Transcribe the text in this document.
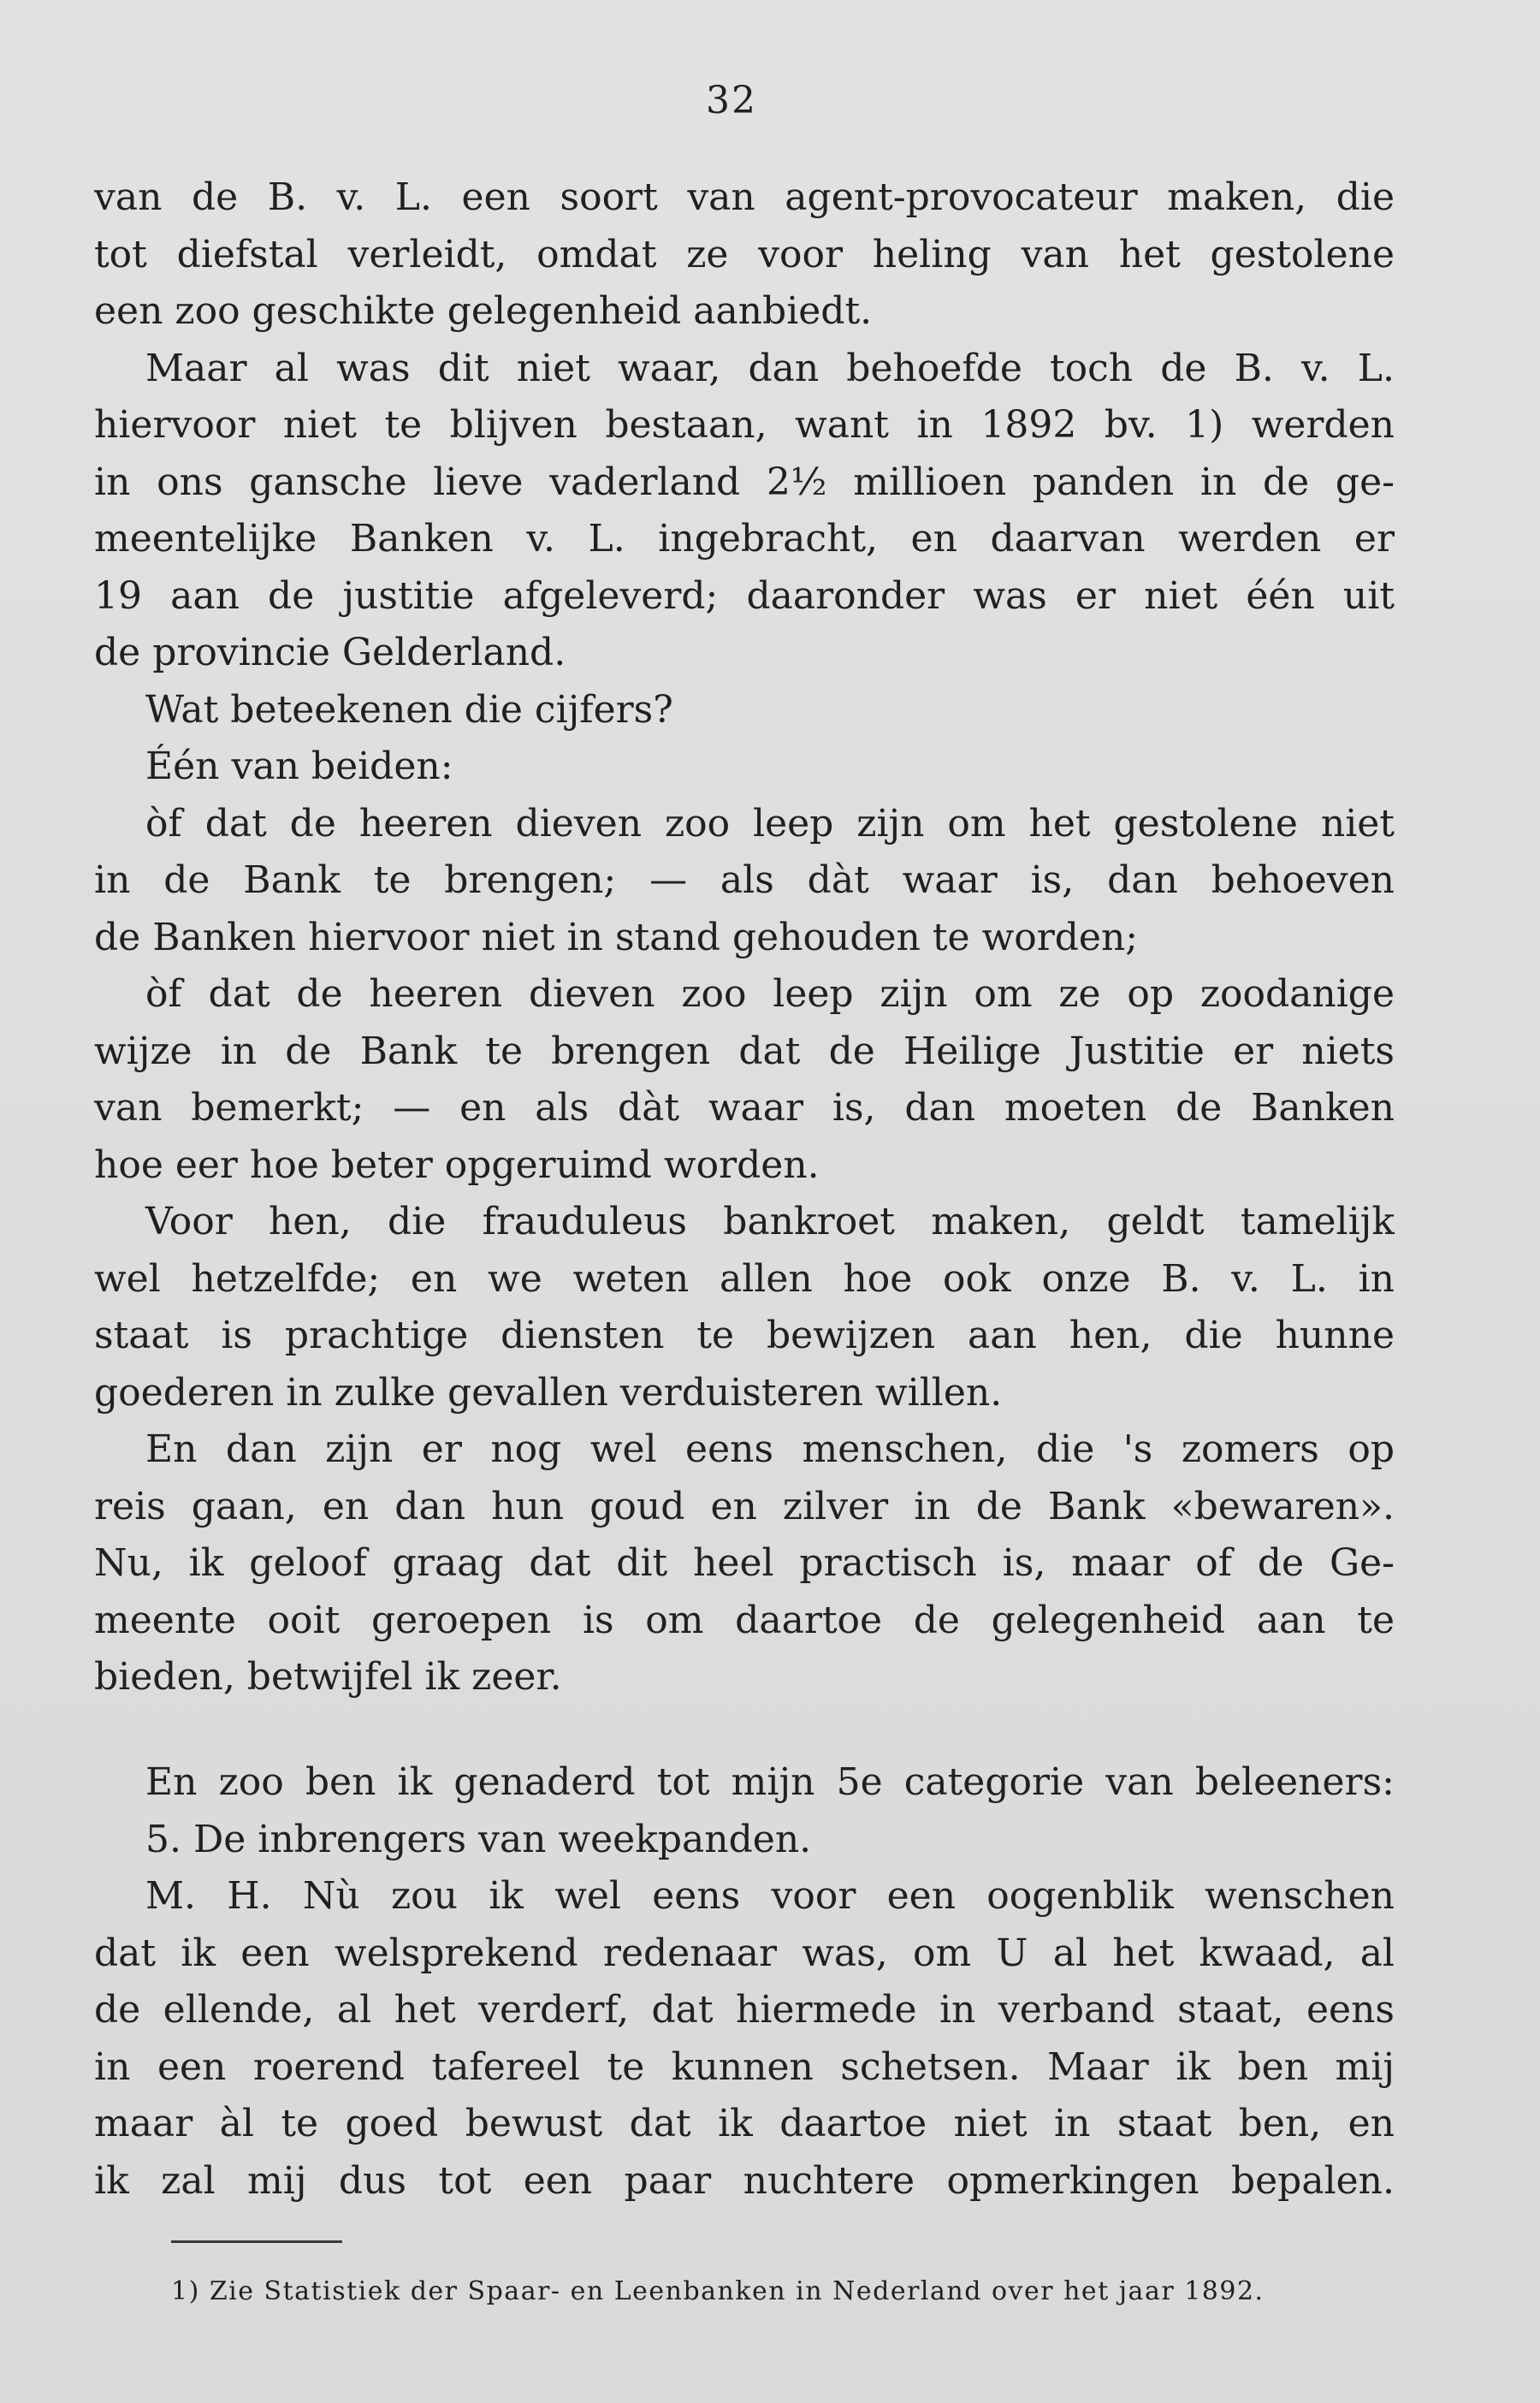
32
van de B. v. L. een soort van agent-provocateur maken, die
tot diefstal verleidt, omdat ze voor heling van het gestolene
een zoo geschikte gelegenheid aanbiedt.
Maar al was dit niet waar, dan behoefde toch de B. v. L.
hiervoor niet te blijven bestaan, want in 1892 bv. 1) werden
in ons gansche lieve vaderland 2½ millioen panden in de ge-
meentelijke Banken v. L. ingebracht, en daarvan werden er
19 aan de justitie afgeleverd; daaronder was er niet één uit
de provincie Gelderland.
Wat beteekenen die cijfers?
Één van beiden:
òf dat de heeren dieven zoo leep zijn om het gestolene niet
in de Bank te brengen; — als dàt waar is, dan behoeven
de Banken hiervoor niet in stand gehouden te worden;
òf dat de heeren dieven zoo leep zijn om ze op zoodanige
wijze in de Bank te brengen dat de Heilige Justitie er niets
van bemerkt; — en als dàt waar is, dan moeten de Banken
hoe eer hoe beter opgeruimd worden.
Voor hen, die frauduleus bankroet maken, geldt tamelijk
wel hetzelfde; en we weten allen hoe ook onze B. v. L. in
staat is prachtige diensten te bewijzen aan hen, die hunne
goederen in zulke gevallen verduisteren willen.
En dan zijn er nog wel eens menschen, die 's zomers op
reis gaan, en dan hun goud en zilver in de Bank «bewaren».
Nu, ik geloof graag dat dit heel practisch is, maar of de Ge-
meente ooit geroepen is om daartoe de gelegenheid aan te
bieden, betwijfel ik zeer.
En zoo ben ik genaderd tot mijn 5e categorie van beleeners:
5. De inbrengers van weekpanden.
M. H. Nù zou ik wel eens voor een oogenblik wenschen
dat ik een welsprekend redenaar was, om U al het kwaad, al
de ellende, al het verderf, dat hiermede in verband staat, eens
in een roerend tafereel te kunnen schetsen. Maar ik ben mij
maar àl te goed bewust dat ik daartoe niet in staat ben, en
ik zal mij dus tot een paar nuchtere opmerkingen bepalen.
1) Zie Statistiek der Spaar- en Leenbanken in Nederland over het jaar 1892.
